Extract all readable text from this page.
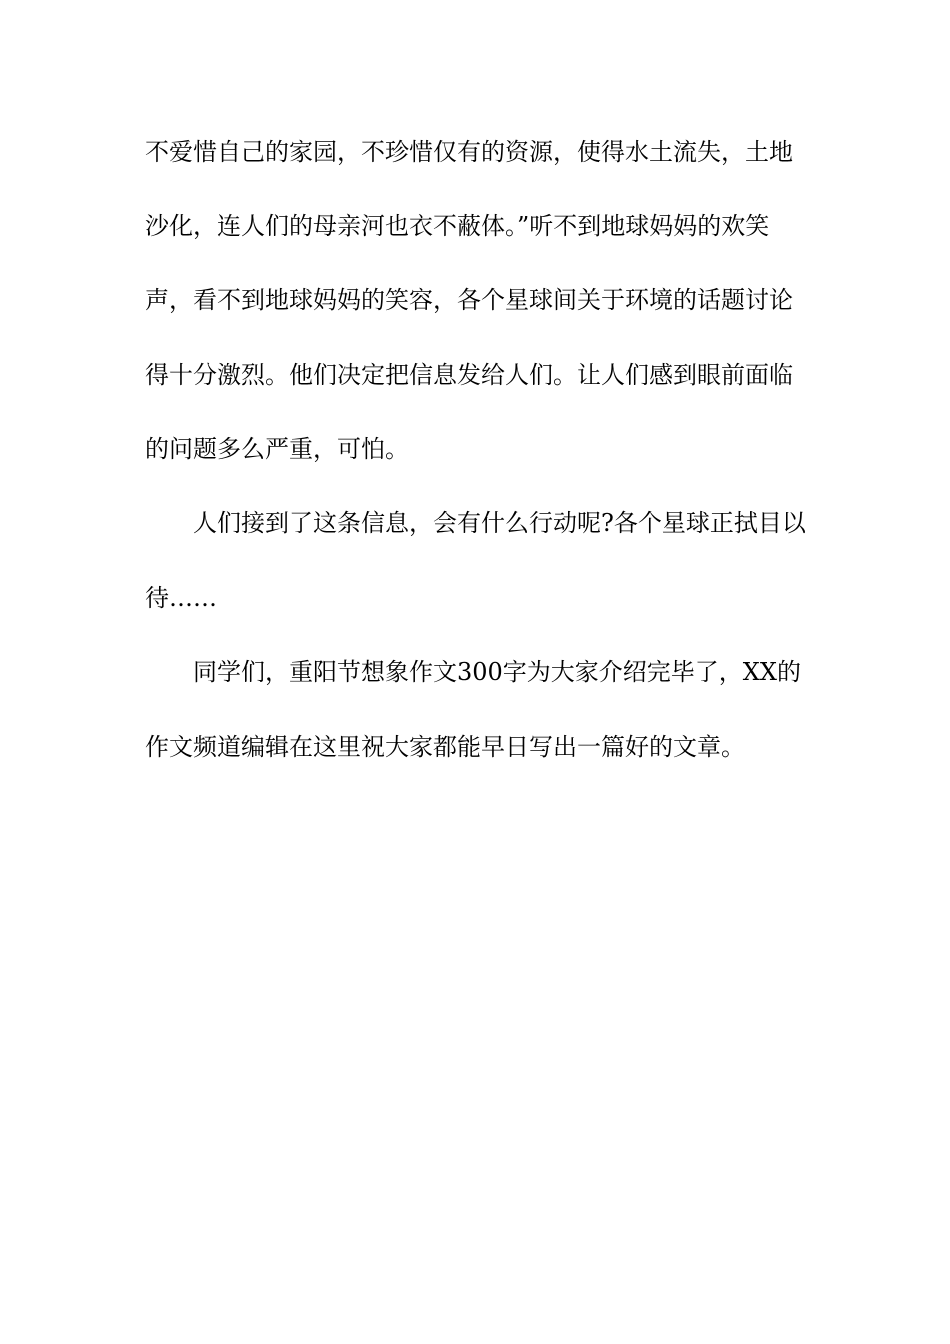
不爱惜自己的家园，不珍惜仅有的资源，使得水土流失，土地
沙化，连人们的母亲河也衣不蔽体。”听不到地球妈妈的欢笑
声，看不到地球妈妈的笑容，各个星球间关于环境的话题讨论
得十分激烈。他们决定把信息发给人们。让人们感到眼前面临
的问题多么严重，可怕。
人们接到了这条信息，会有什么行动呢?各个星球正拭目以
待……
同学们，重阳节想象作文300字为大家介绍完毕了，XX的
作文频道编辑在这里祝大家都能早日写出一篇好的文章。
